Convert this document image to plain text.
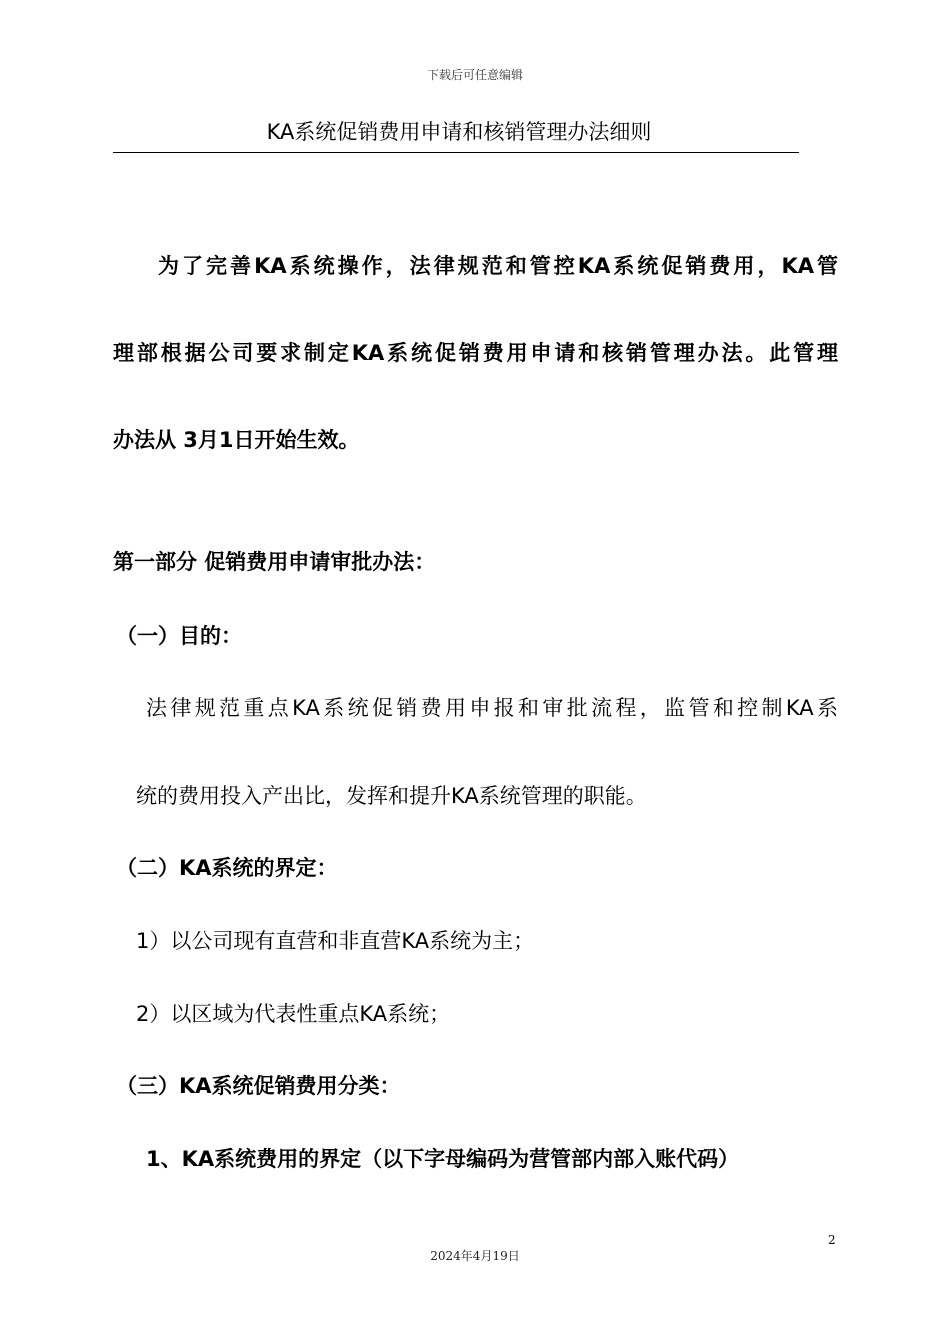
下载后可任意编辑
KA系统促销费用申请和核销管理办法细则
为了完善KA系统操作，法律规范和管控KA系统促销费用，KA管
理部根据公司要求制定KA系统促销费用申请和核销管理办法。此管理
办法从 3月1日开始生效。
第一部分 促销费用申请审批办法：
（一）目的：
法律规范重点KA系统促销费用申报和审批流程，监管和控制KA系
统的费用投入产出比，发挥和提升KA系统管理的职能。
（二）KA系统的界定：
1）以公司现有直营和非直营KA系统为主；
2）以区域为代表性重点KA系统；
（三）KA系统促销费用分类：
1、KA系统费用的界定（以下字母编码为营管部内部入账代码）
2
2024年4月19日
